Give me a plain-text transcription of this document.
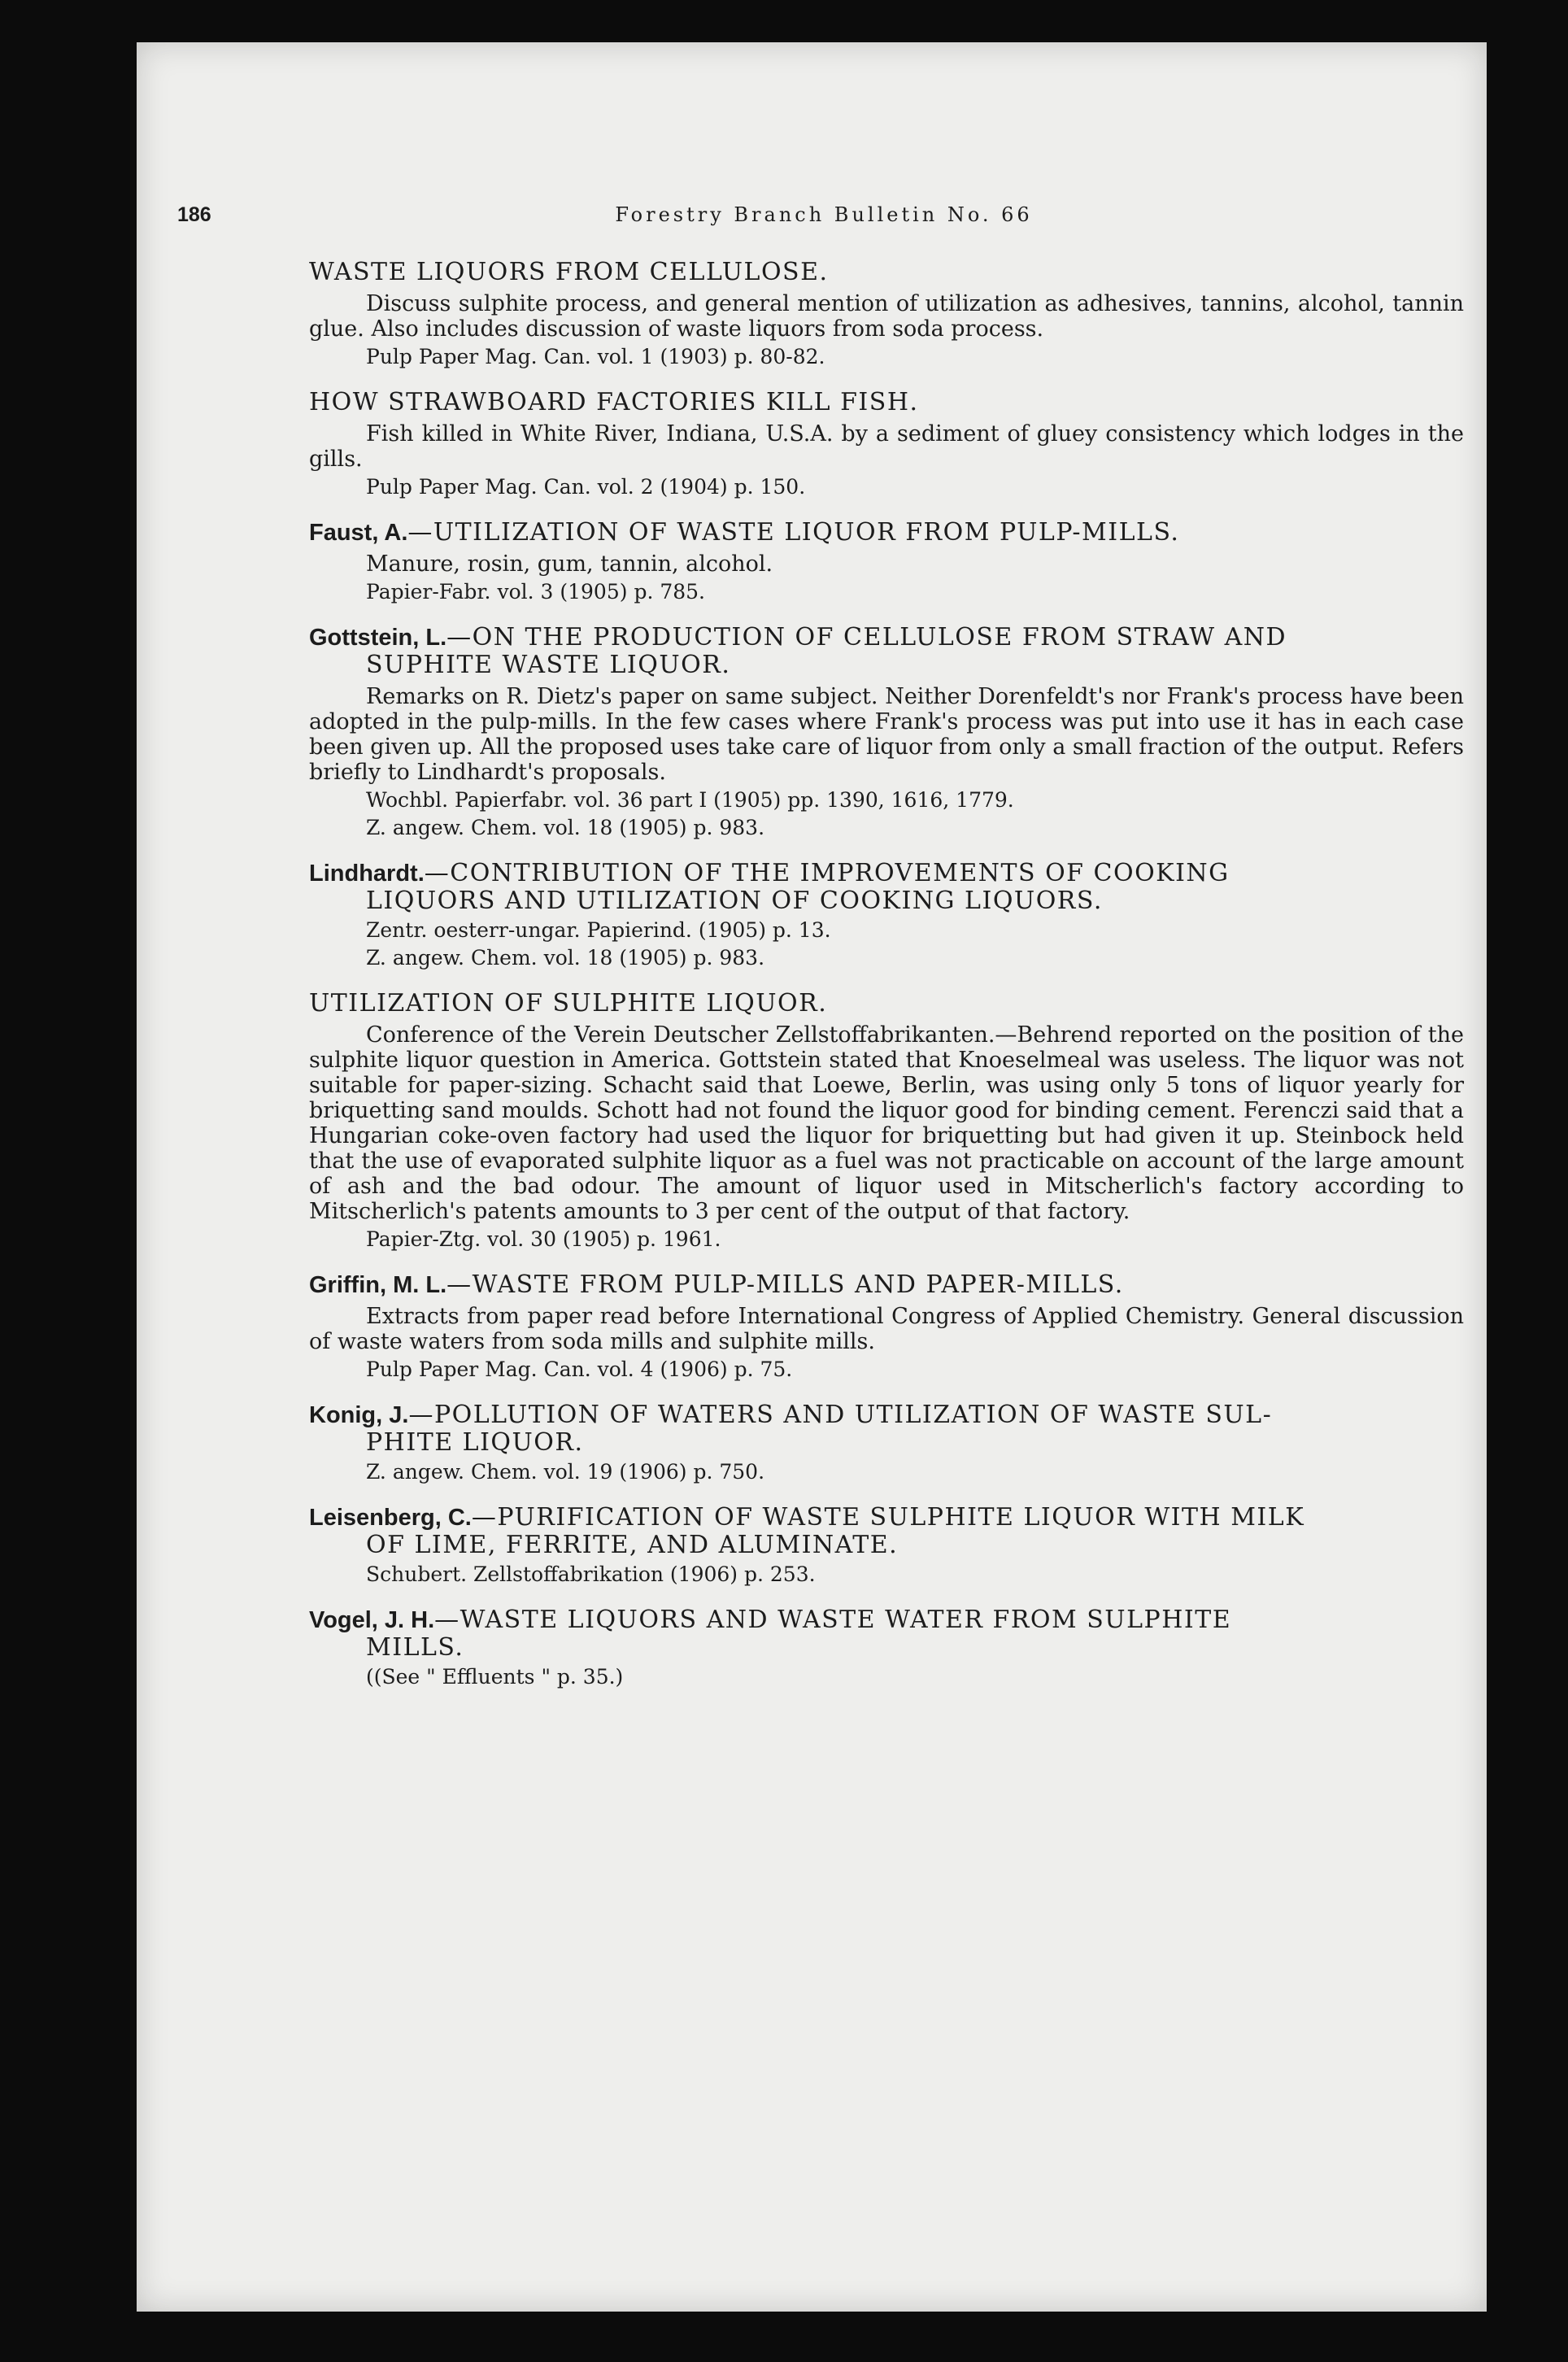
186	Forestry Branch Bulletin No. 66
WASTE LIQUORS FROM CELLULOSE.
Discuss sulphite process, and general mention of utilization as adhesives, tannins, alcohol, tannin glue. Also includes discussion of waste liquors from soda process.
Pulp Paper Mag. Can. vol. 1 (1903) p. 80-82.
HOW STRAWBOARD FACTORIES KILL FISH.
Fish killed in White River, Indiana, U.S.A. by a sediment of gluey consistency which lodges in the gills.
Pulp Paper Mag. Can. vol. 2 (1904) p. 150.
Faust, A.—UTILIZATION OF WASTE LIQUOR FROM PULP-MILLS.
Manure, rosin, gum, tannin, alcohol.
Papier-Fabr. vol. 3 (1905) p. 785.
Gottstein, L.—ON THE PRODUCTION OF CELLULOSE FROM STRAW AND
SUPHITE WASTE LIQUOR.
Remarks on R. Dietz's paper on same subject. Neither Dorenfeldt's nor Frank's process have been adopted in the pulp-mills. In the few cases where Frank's process was put into use it has in each case been given up. All the proposed uses take care of liquor from only a small fraction of the output. Refers briefly to Lindhardt's proposals.
Wochbl. Papierfabr. vol. 36 part I (1905) pp. 1390, 1616, 1779.
Z. angew. Chem. vol. 18 (1905) p. 983.
Lindhardt.—CONTRIBUTION OF THE IMPROVEMENTS OF COOKING
LIQUORS AND UTILIZATION OF COOKING LIQUORS.
Zentr. oesterr-ungar. Papierind. (1905) p. 13.
Z. angew. Chem. vol. 18 (1905) p. 983.
UTILIZATION OF SULPHITE LIQUOR.
Conference of the Verein Deutscher Zellstoffabrikanten.—Behrend reported on the position of the sulphite liquor question in America. Gottstein stated that Knoeselmeal was useless. The liquor was not suitable for paper-sizing. Schacht said that Loewe, Berlin, was using only 5 tons of liquor yearly for briquetting sand moulds. Schott had not found the liquor good for binding cement. Ferenczi said that a Hungarian coke-oven factory had used the liquor for briquetting but had given it up. Steinbock held that the use of evaporated sulphite liquor as a fuel was not practicable on account of the large amount of ash and the bad odour. The amount of liquor used in Mitscherlich's factory according to Mitscherlich's patents amounts to 3 per cent of the output of that factory.
Papier-Ztg. vol. 30 (1905) p. 1961.
Griffin, M. L.—WASTE FROM PULP-MILLS AND PAPER-MILLS.
Extracts from paper read before International Congress of Applied Chemistry. General discussion of waste waters from soda mills and sulphite mills.
Pulp Paper Mag. Can. vol. 4 (1906) p. 75.
Konig, J.—POLLUTION OF WATERS AND UTILIZATION OF WASTE SUL-
PHITE LIQUOR.
Z. angew. Chem. vol. 19 (1906) p. 750.
Leisenberg, C.—PURIFICATION OF WASTE SULPHITE LIQUOR WITH MILK
OF LIME, FERRITE, AND ALUMINATE.
Schubert. Zellstoffabrikation (1906) p. 253.
Vogel, J. H.—WASTE LIQUORS AND WASTE WATER FROM SULPHITE
MILLS.
((See " Effluents " p. 35.)
